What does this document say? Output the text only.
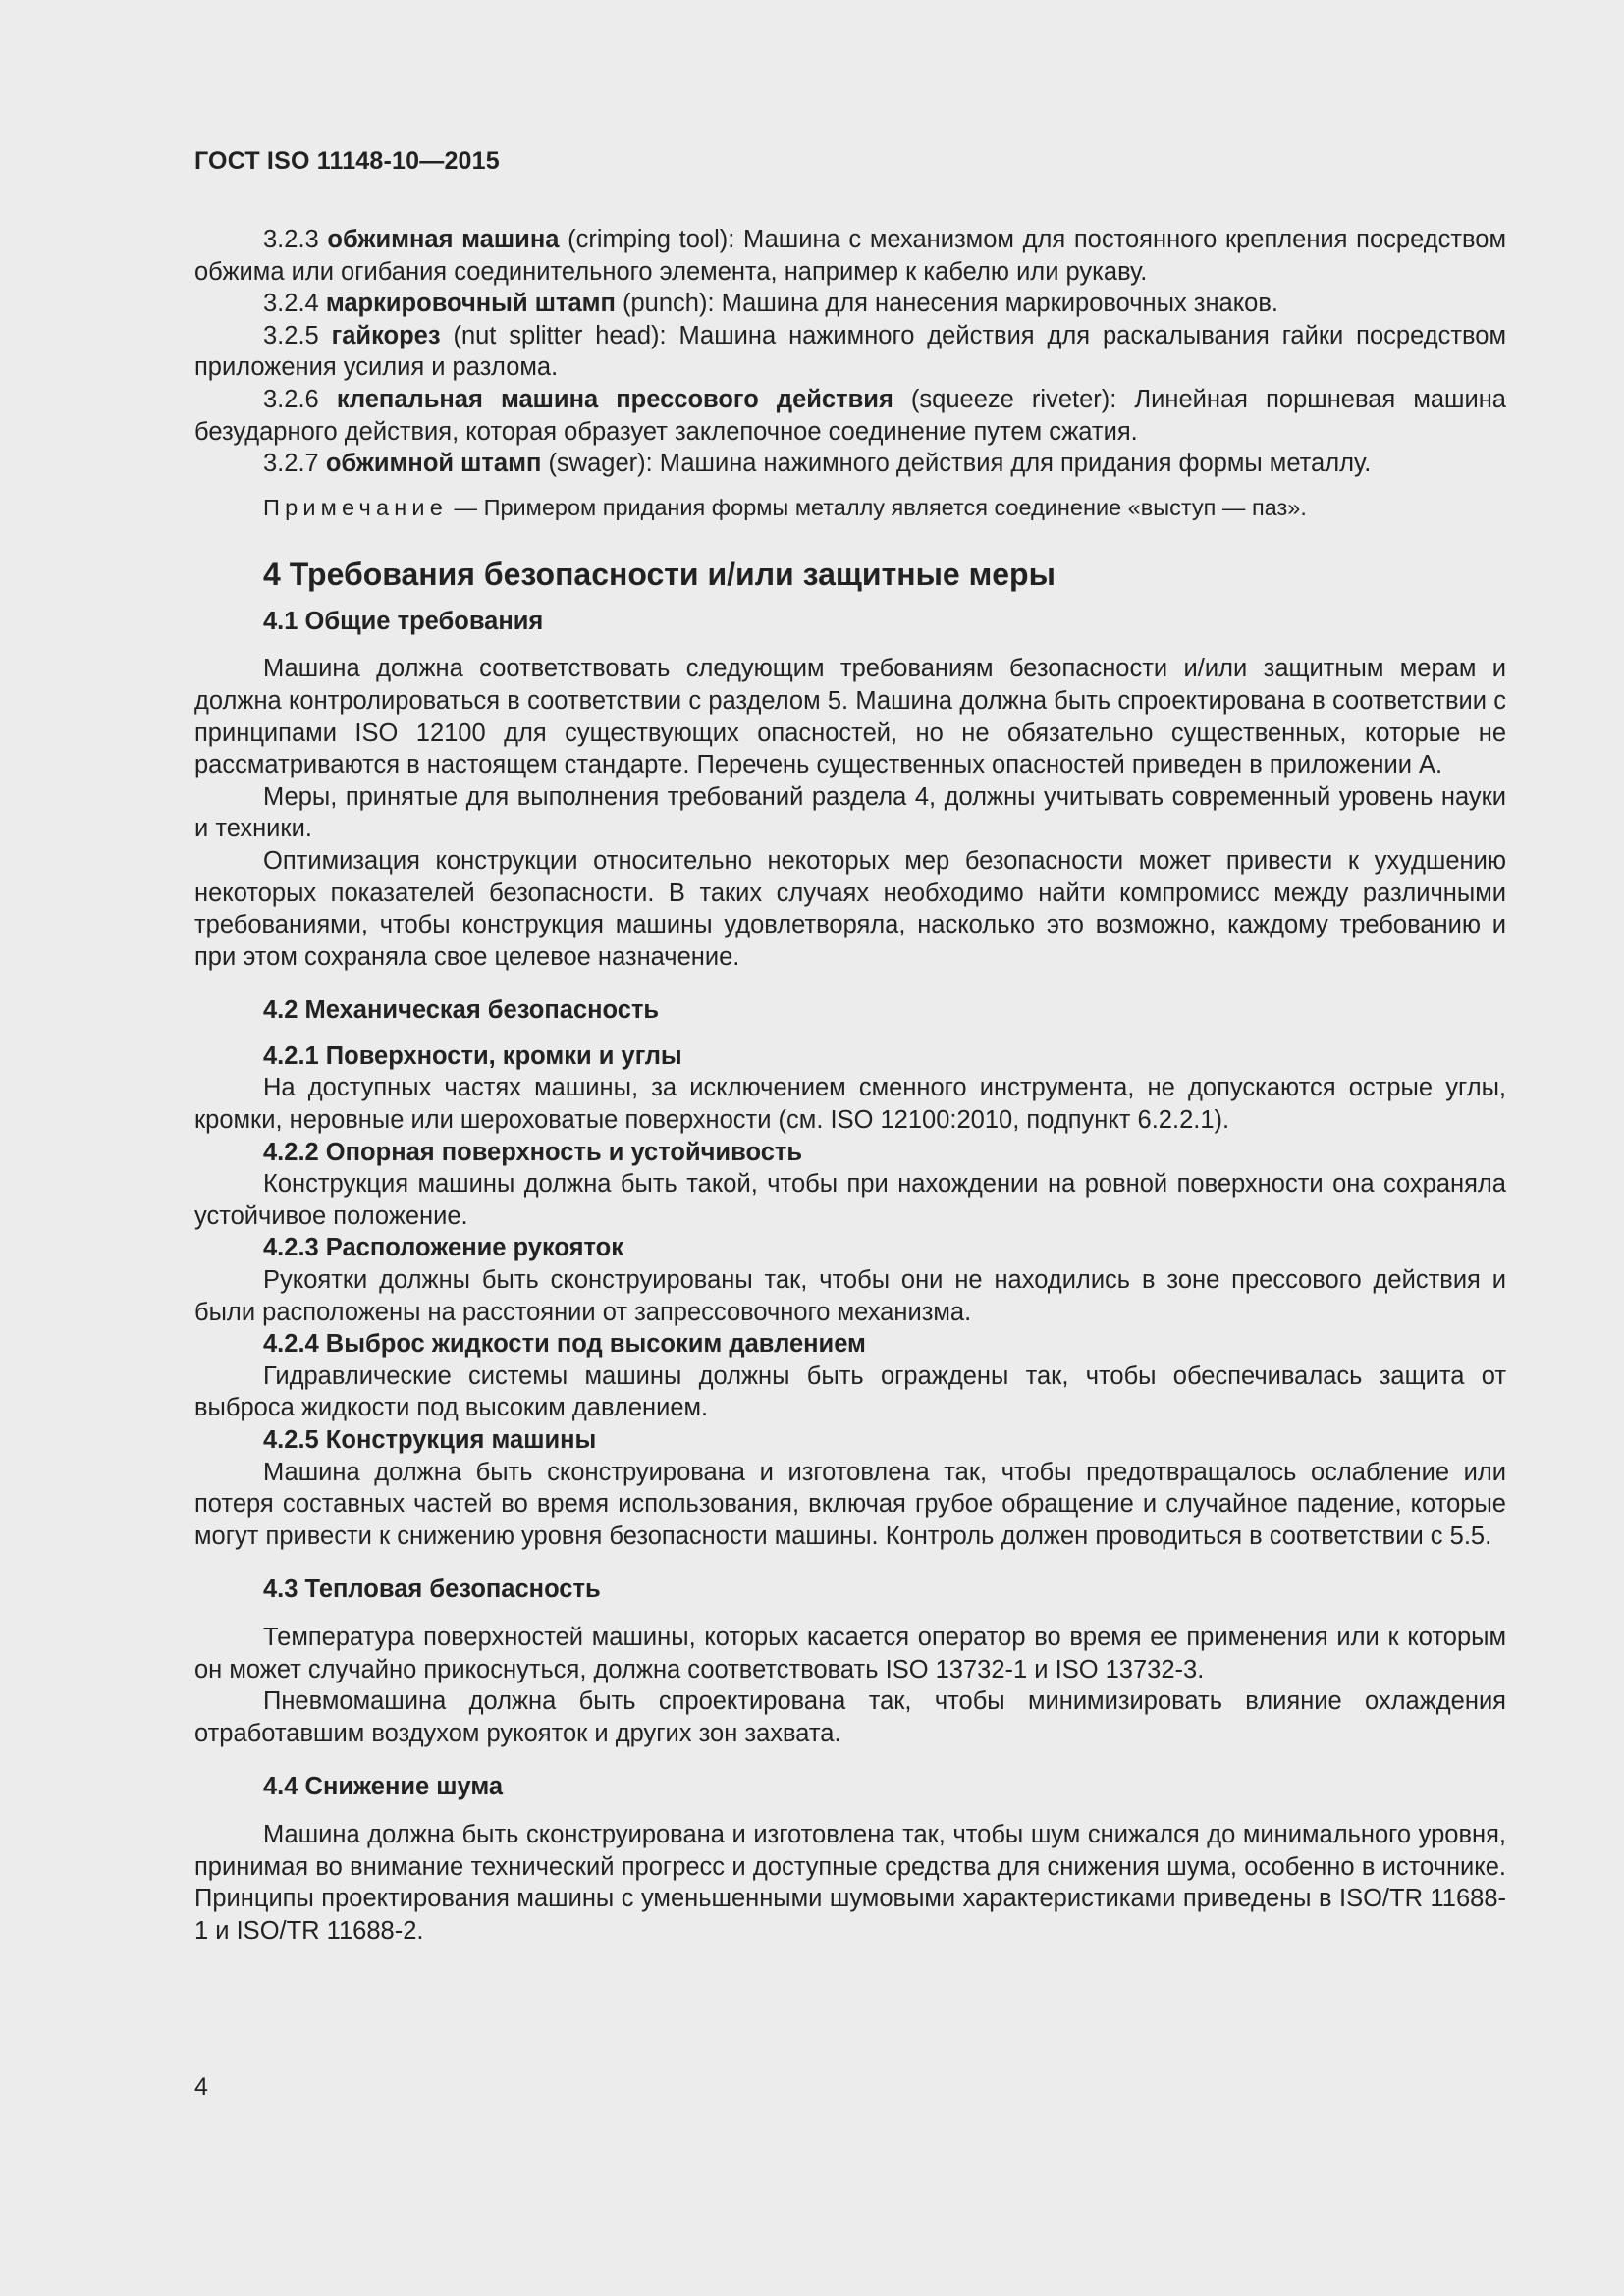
ГОСТ ISO 11148-10—2015

3.2.3 обжимная машина (crimping tool): Машина с механизмом для постоянного крепления посредством обжима или огибания соединительного элемента, например к кабелю или рукаву.

3.2.4 маркировочный штамп (punch): Машина для нанесения маркировочных знаков.

3.2.5 гайкорез (nut splitter head): Машина нажимного действия для раскалывания гайки посредством приложения усилия и разлома.

3.2.6 клепальная машина прессового действия (squeeze riveter): Линейная поршневая машина безударного действия, которая образует заклепочное соединение путем сжатия.

3.2.7 обжимной штамп (swager): Машина нажимного действия для придания формы металлу.

Примечание — Примером придания формы металлу является соединение «выступ — паз».
4 Требования безопасности и/или защитные меры
4.1 Общие требования

Машина должна соответствовать следующим требованиям безопасности и/или защитным мерам и должна контролироваться в соответствии с разделом 5. Машина должна быть спроектирована в соответствии с принципами ISO 12100 для существующих опасностей, но не обязательно существенных, которые не рассматриваются в настоящем стандарте. Перечень существенных опасностей приведен в приложении А.

Меры, принятые для выполнения требований раздела 4, должны учитывать современный уровень науки и техники.

Оптимизация конструкции относительно некоторых мер безопасности может привести к ухудшению некоторых показателей безопасности. В таких случаях необходимо найти компромисс между различными требованиями, чтобы конструкция машины удовлетворяла, насколько это возможно, каждому требованию и при этом сохраняла свое целевое назначение.

4.2 Механическая безопасность
4.2.1 Поверхности, кромки и углы

На доступных частях машины, за исключением сменного инструмента, не допускаются острые углы, кромки, неровные или шероховатые поверхности (см. ISO 12100:2010, подпункт 6.2.2.1).

4.2.2 Опорная поверхность и устойчивость

Конструкция машины должна быть такой, чтобы при нахождении на ровной поверхности она сохраняла устойчивое положение.

4.2.3 Расположение рукояток

Рукоятки должны быть сконструированы так, чтобы они не находились в зоне прессового действия и были расположены на расстоянии от запрессовочного механизма.

4.2.4 Выброс жидкости под высоким давлением

Гидравлические системы машины должны быть ограждены так, чтобы обеспечивалась защита от выброса жидкости под высоким давлением.

4.2.5 Конструкция машины

Машина должна быть сконструирована и изготовлена так, чтобы предотвращалось ослабление или потеря составных частей во время использования, включая грубое обращение и случайное падение, которые могут привести к снижению уровня безопасности машины. Контроль должен проводиться в соответствии с 5.5.

4.3 Тепловая безопасность

Температура поверхностей машины, которых касается оператор во время ее применения или к которым он может случайно прикоснуться, должна соответствовать ISO 13732-1 и ISO 13732-3.

Пневмомашина должна быть спроектирована так, чтобы минимизировать влияние охлаждения отработавшим воздухом рукояток и других зон захвата.

4.4 Снижение шума

Машина должна быть сконструирована и изготовлена так, чтобы шум снижался до минимального уровня, принимая во внимание технический прогресс и доступные средства для снижения шума, особенно в источнике. Принципы проектирования машины с уменьшенными шумовыми характеристиками приведены в ISO/TR 11688-1 и ISO/TR 11688-2.

4
